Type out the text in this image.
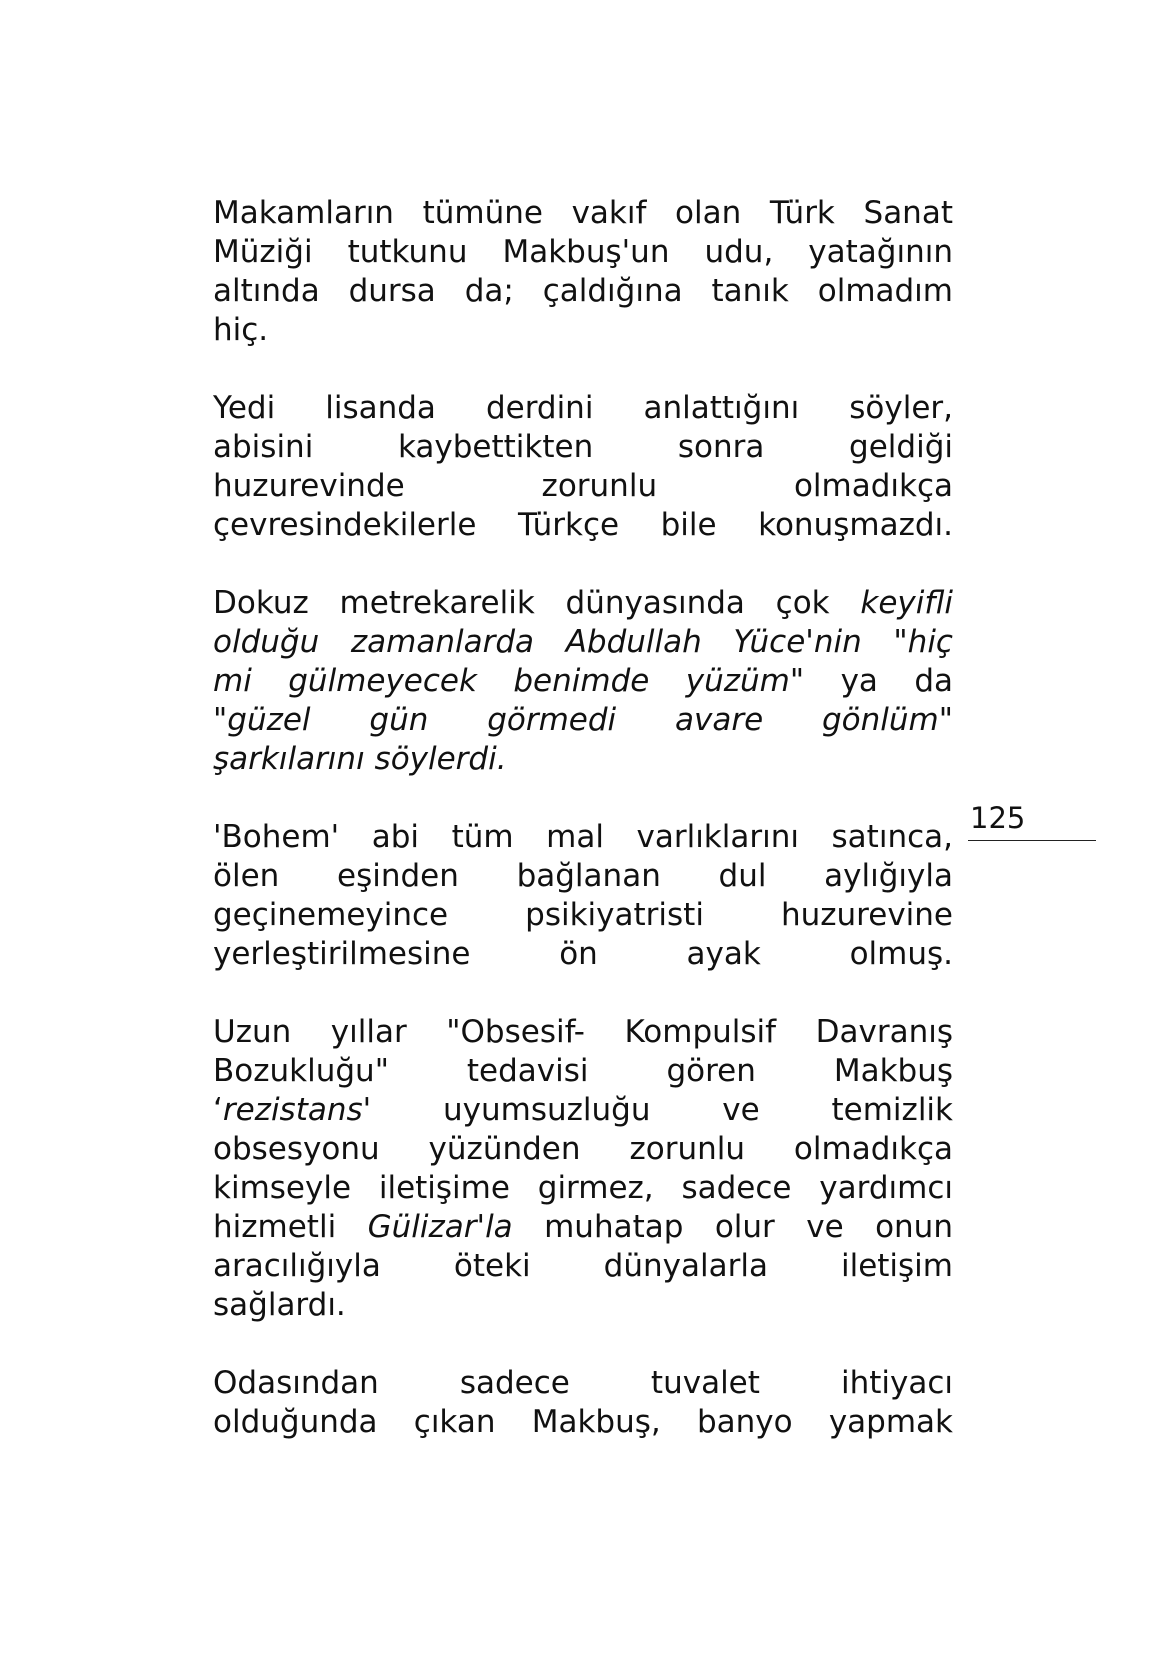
Makamların tümüne vakıf olan Türk Sanat
Müziği tutkunu Makbuş'un udu, yatağının
altında dursa da; çaldığına tanık olmadım
hiç.
Yedi lisanda derdini anlattığını söyler,
abisini kaybettikten sonra geldiği
huzurevinde zorunlu olmadıkça
çevresindekilerle Türkçe bile konuşmazdı.
Dokuz metrekarelik dünyasında çok keyifli
olduğu zamanlarda Abdullah Yüce'nin "hiç
mi gülmeyecek benimde yüzüm" ya da
"güzel gün görmedi avare gönlüm"
şarkılarını söylerdi.
'Bohem' abi tüm mal varlıklarını satınca,
ölen eşinden bağlanan dul aylığıyla
geçinemeyince psikiyatristi huzurevine
yerleştirilmesine ön ayak olmuş.
Uzun yıllar "Obsesif- Kompulsif Davranış
Bozukluğu" tedavisi gören Makbuş
‘rezistans' uyumsuzluğu ve temizlik
obsesyonu yüzünden zorunlu olmadıkça
kimseyle iletişime girmez, sadece yardımcı
hizmetli Gülizar'la muhatap olur ve onun
aracılığıyla öteki dünyalarla iletişim
sağlardı.
Odasından sadece tuvalet ihtiyacı
olduğunda çıkan Makbuş, banyo yapmak
125
